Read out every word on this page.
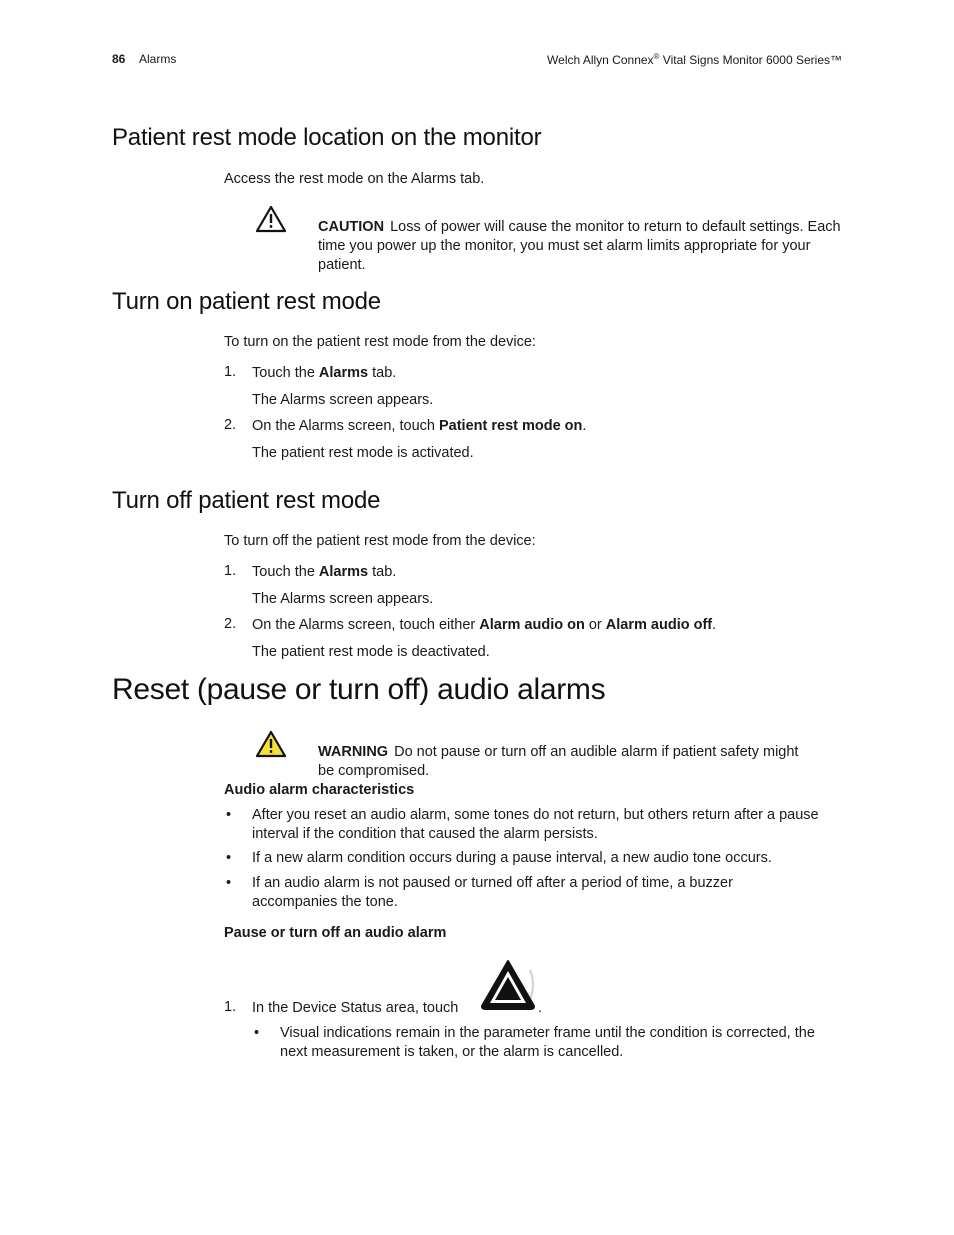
86 Alarms	Welch Allyn Connex® Vital Signs Monitor 6000 Series™
Patient rest mode location on the monitor

Access the rest mode on the Alarms tab.

CAUTION Loss of power will cause the monitor to return to default settings. Each time you power up the monitor, you must set alarm limits appropriate for your patient.

Turn on patient rest mode

To turn on the patient rest mode from the device:

1. Touch the Alarms tab.
The Alarms screen appears.
2. On the Alarms screen, touch Patient rest mode on.
The patient rest mode is activated.
Turn off patient rest mode

To turn off the patient rest mode from the device:

1. Touch the Alarms tab.
The Alarms screen appears.
2. On the Alarms screen, touch either Alarm audio on or Alarm audio off.
The patient rest mode is deactivated.
Reset (pause or turn off) audio alarms

WARNING Do not pause or turn off an audible alarm if patient safety might be compromised.

Audio alarm characteristics
• After you reset an audio alarm, some tones do not return, but others return after a pause interval if the condition that caused the alarm persists.
• If a new alarm condition occurs during a pause interval, a new audio tone occurs.
• If an audio alarm is not paused or turned off after a period of time, a buzzer accompanies the tone.
Pause or turn off an audio alarm
1. In the Device Status area, touch	.
• Visual indications remain in the parameter frame until the condition is corrected, the next measurement is taken, or the alarm is cancelled.
